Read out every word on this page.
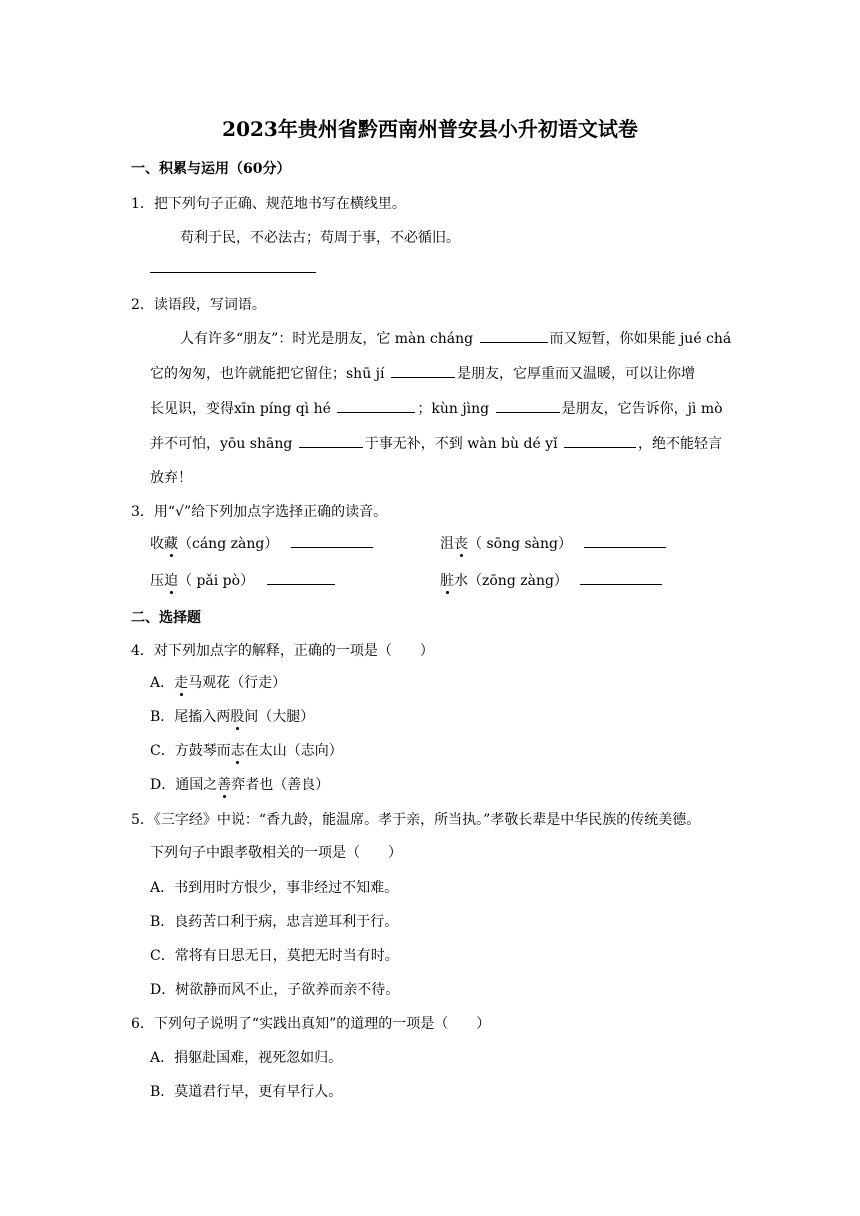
2023年贵州省黔西南州普安县小升初语文试卷
一、积累与运用（60分）
1．把下列句子正确、规范地书写在横线里。
苟利于民，不必法古；苟周于事，不必循旧。
2．读语段，写词语。
人有许多“朋友”：时光是朋友，它 màn cháng	而又短暂，你如果能 jué chá
它的匆匆，也许就能把它留住；shū jí	是朋友，它厚重而又温暖，可以让你增
长见识，变得xīn píng qì hé	；kùn jìng	是朋友，它告诉你，jì mò
并不可怕，yōu shāng	于事无补，不到 wàn bù dé yǐ	，绝不能轻言
放弃！
3．用“√”给下列加点字选择正确的读音。
收藏（cáng zàng）	沮丧（ sōng sàng）
压迫（ pǎi pò）	脏水（zōng zàng）
二、选择题
4．对下列加点字的解释，正确的一项是（　　）
A．走马观花（行走）
B．尾搐入两股间（大腿）
C．方鼓琴而志在太山（志向）
D．通国之善弈者也（善良）
5．《三字经》中说：“香九龄，能温席。孝于亲，所当执。”孝敬长辈是中华民族的传统美德。
下列句子中跟孝敬相关的一项是（　　）
A．书到用时方恨少，事非经过不知难。
B．良药苦口利于病，忠言逆耳利于行。
C．常将有日思无日，莫把无时当有时。
D．树欲静而风不止，子欲养而亲不待。
6．下列句子说明了“实践出真知”的道理的一项是（　　）
A．捐躯赴国难，视死忽如归。
B．莫道君行早，更有早行人。
